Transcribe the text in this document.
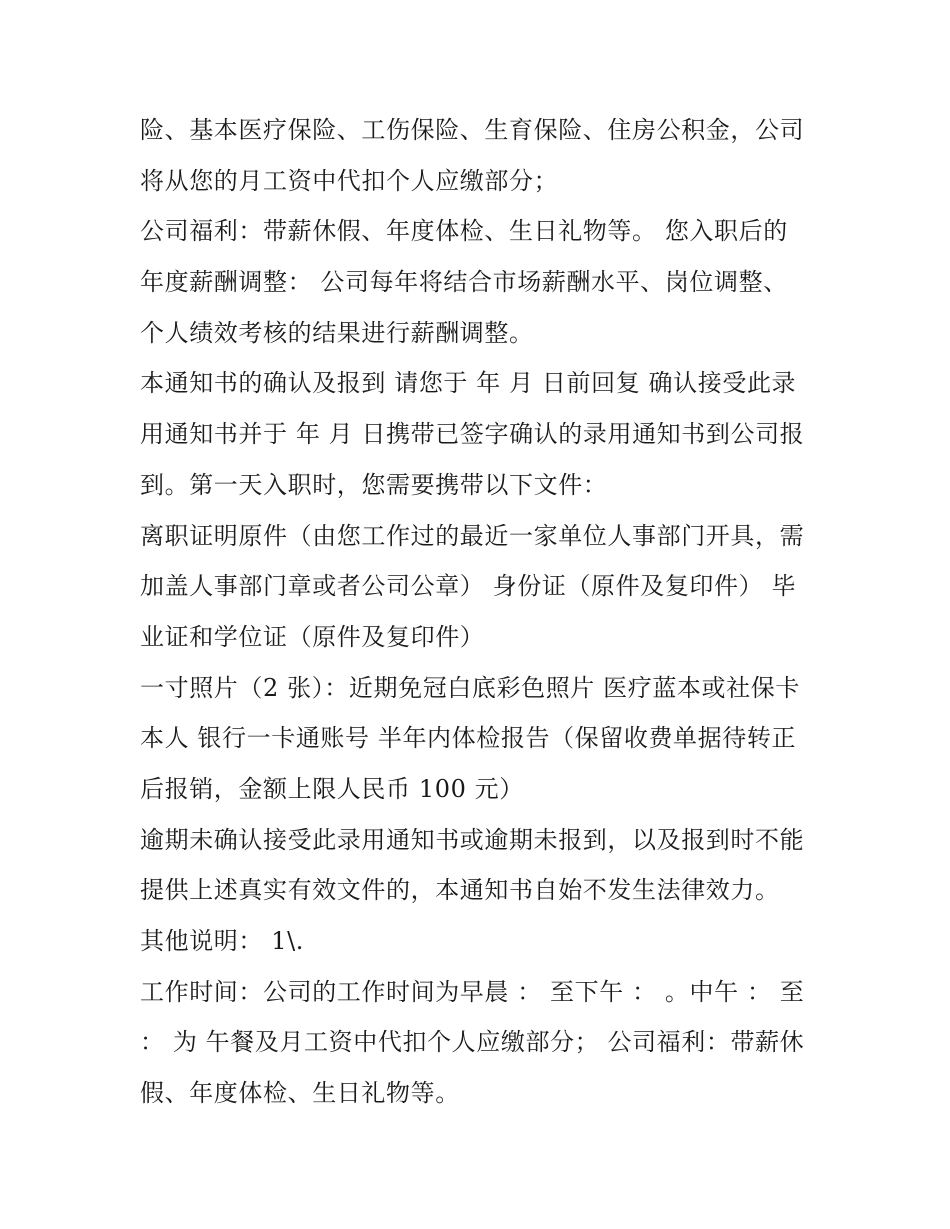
险、基本医疗保险、工伤保险、生育保险、住房公积金，公司
将从您的月工资中代扣个人应缴部分；
公司福利：带薪休假、年度体检、生日礼物等。 您入职后的
年度薪酬调整： 公司每年将结合市场薪酬水平、岗位调整、
个人绩效考核的结果进行薪酬调整。
本通知书的确认及报到 请您于 年 月 日前回复 确认接受此录
用通知书并于 年 月 日携带已签字确认的录用通知书到公司报
到。第一天入职时，您需要携带以下文件：
离职证明原件（由您工作过的最近一家单位人事部门开具，需
加盖人事部门章或者公司公章） 身份证（原件及复印件） 毕
业证和学位证（原件及复印件）
一寸照片（2 张）：近期免冠白底彩色照片 医疗蓝本或社保卡
本人 银行一卡通账号 半年内体检报告（保留收费单据待转正
后报销，金额上限人民币 100 元）
逾期未确认接受此录用通知书或逾期未报到，以及报到时不能
提供上述真实有效文件的，本通知书自始不发生法律效力。
其他说明： 1\.
工作时间：公司的工作时间为早晨 ： 至下午 ： 。中午 ： 至
： 为 午餐及月工资中代扣个人应缴部分； 公司福利：带薪休
假、年度体检、生日礼物等。
